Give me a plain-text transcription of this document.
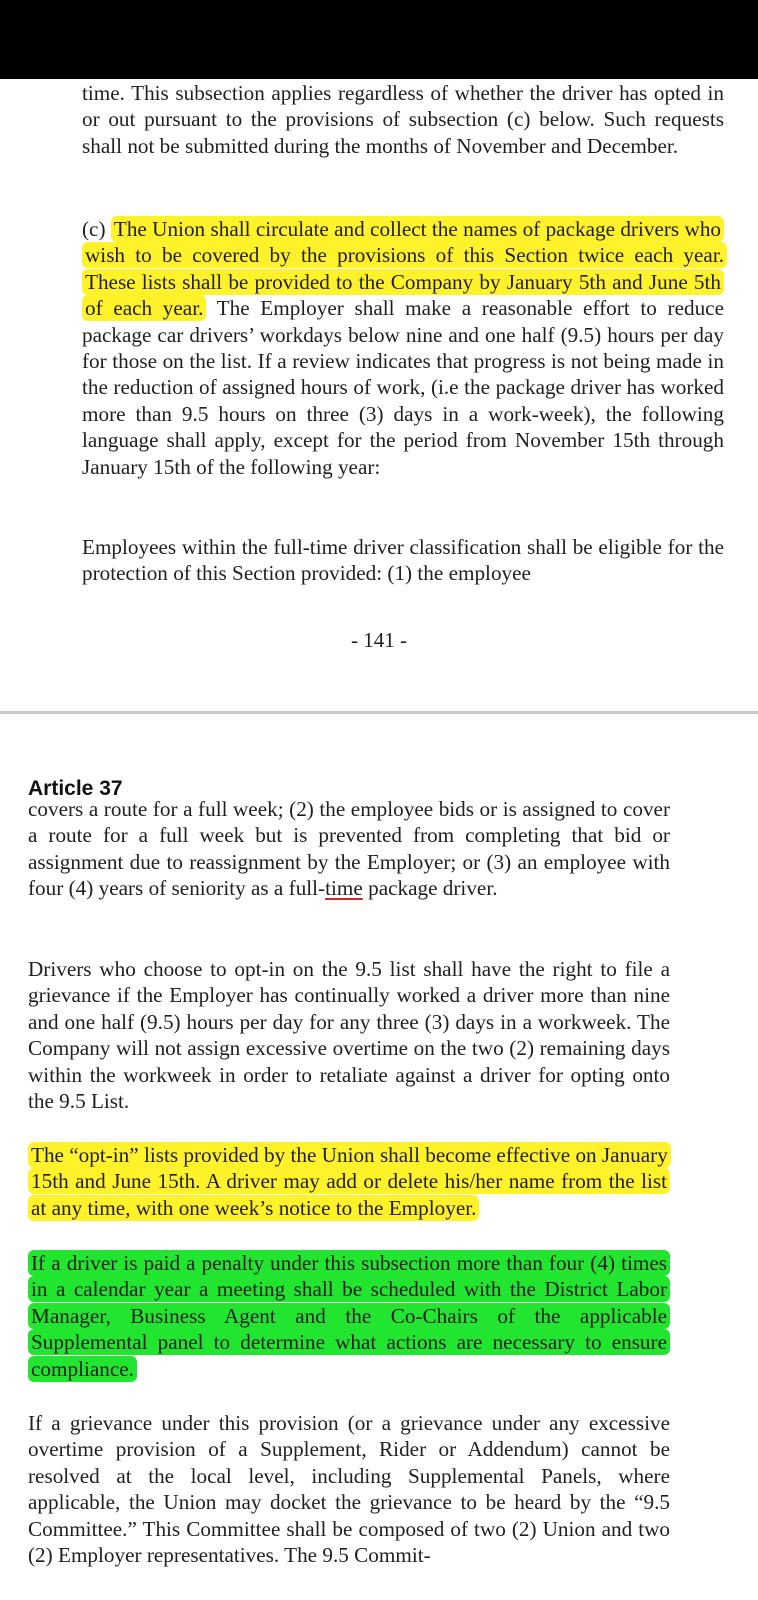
time. This subsection applies regardless of whether the driver has opted in or out pursuant to the provisions of subsection (c) below. Such requests shall not be submitted during the months of November and December.

(c) The Union shall circulate and collect the names of package drivers who wish to be covered by the provisions of this Section twice each year. These lists shall be provided to the Company by January 5th and June 5th of each year. The Employer shall make a reasonable effort to reduce package car drivers’ workdays below nine and one half (9.5) hours per day for those on the list. If a review indicates that progress is not being made in the reduction of assigned hours of work, (i.e the package driver has worked more than 9.5 hours on three (3) days in a work-week), the following language shall apply, except for the period from November 15th through January 15th of the following year:

Employees within the full-time driver classification shall be eligible for the protection of this Section provided: (1) the employee

- 141 -
Article 37

covers a route for a full week; (2) the employee bids or is assigned to cover a route for a full week but is prevented from completing that bid or assignment due to reassignment by the Employer; or (3) an employee with four (4) years of seniority as a full-time package driver.

Drivers who choose to opt-in on the 9.5 list shall have the right to file a grievance if the Employer has continually worked a driver more than nine and one half (9.5) hours per day for any three (3) days in a workweek. The Company will not assign excessive overtime on the two (2) remaining days within the workweek in order to retaliate against a driver for opting onto the 9.5 List.

The “opt-in” lists provided by the Union shall become effective on January 15th and June 15th. A driver may add or delete his/her name from the list at any time, with one week’s notice to the Employer.

If a driver is paid a penalty under this subsection more than four (4) times in a calendar year a meeting shall be scheduled with the District Labor Manager, Business Agent and the Co-Chairs of the applicable Supplemental panel to determine what actions are necessary to ensure compliance.

If a grievance under this provision (or a grievance under any excessive overtime provision of a Supplement, Rider or Addendum) cannot be resolved at the local level, including Supplemental Panels, where applicable, the Union may docket the grievance to be heard by the “9.5 Committee.” This Committee shall be composed of two (2) Union and two (2) Employer representatives. The 9.5 Commit-
